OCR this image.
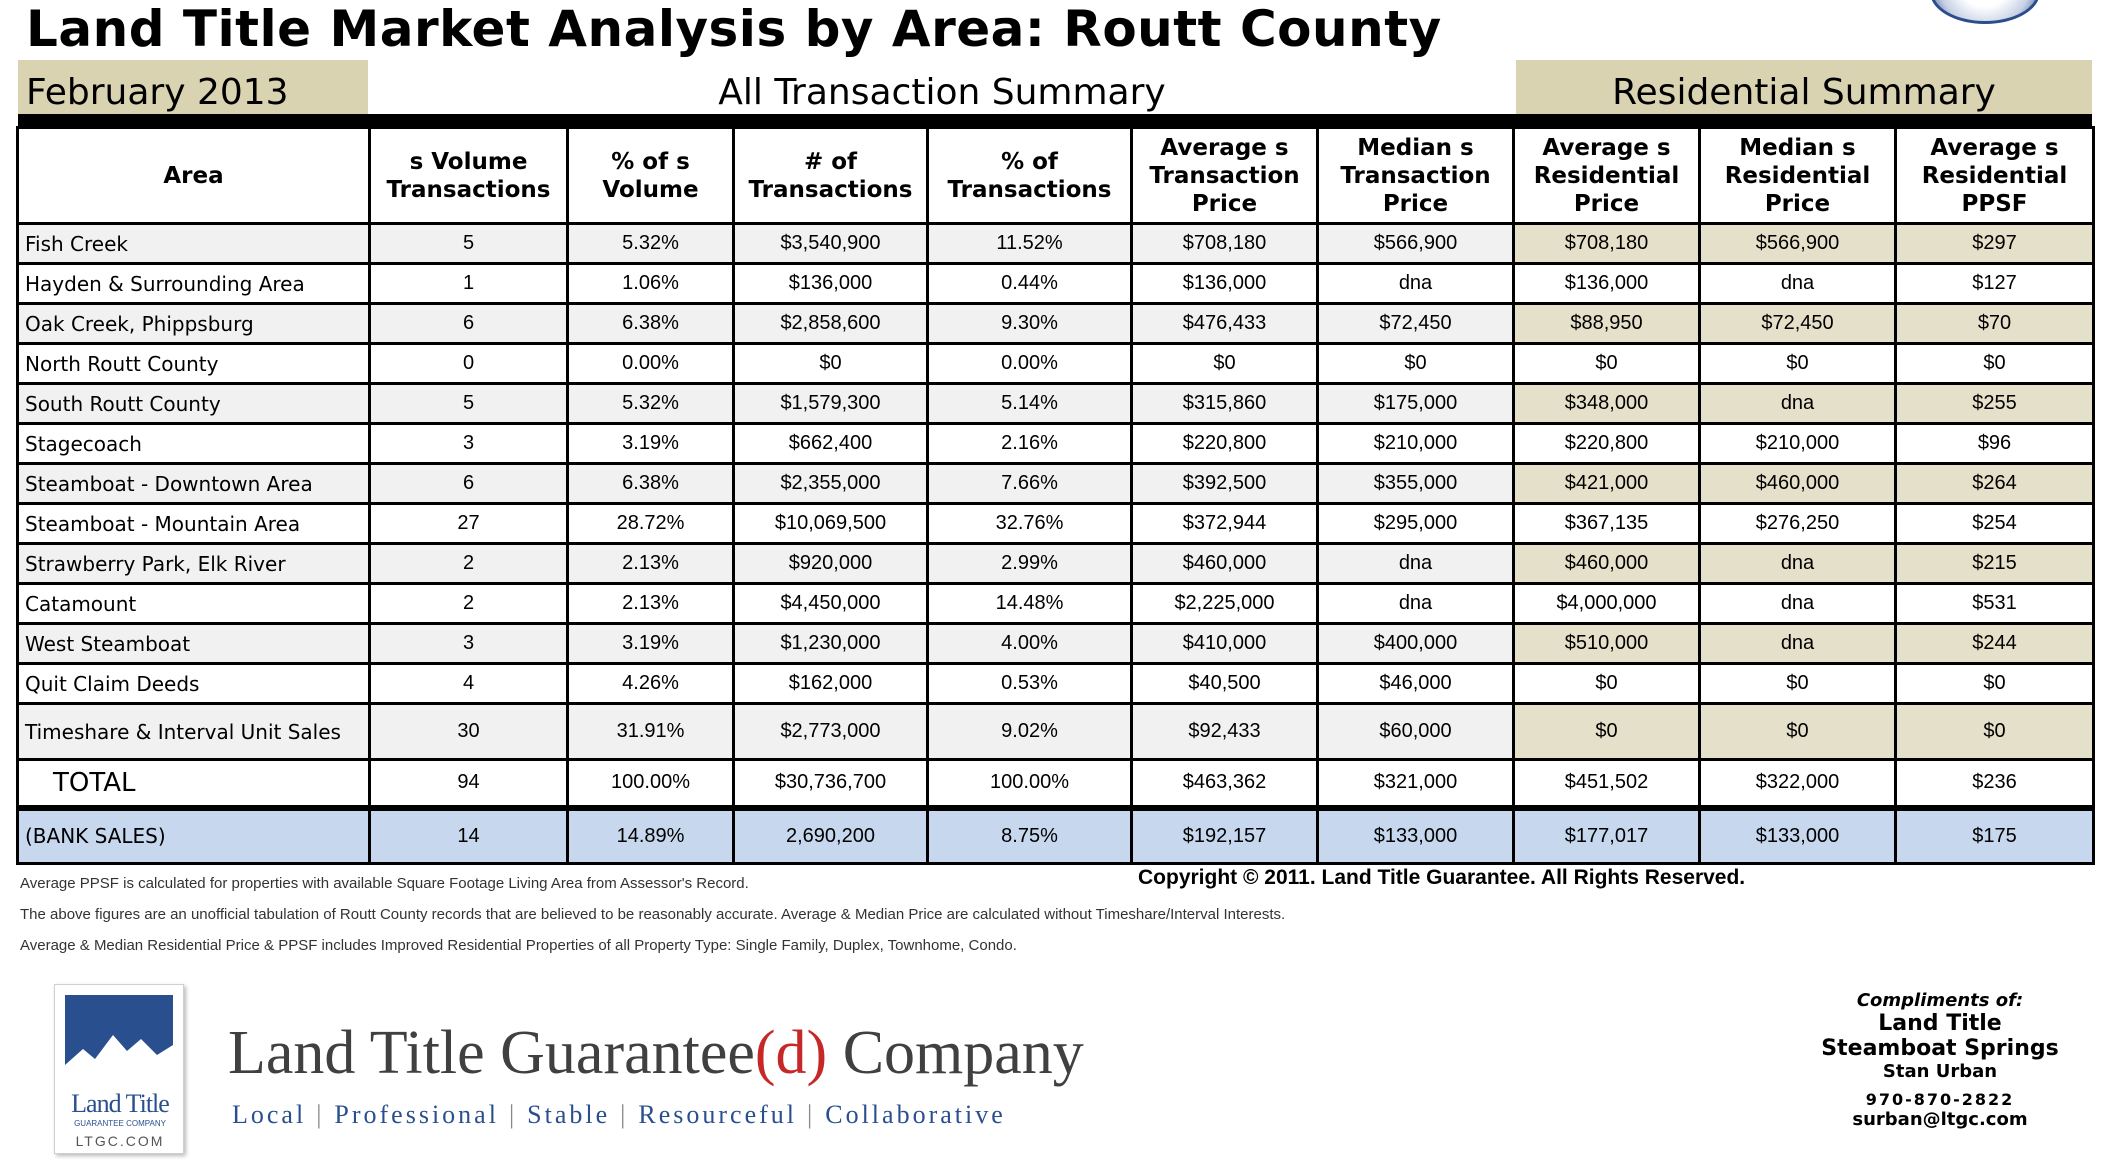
Land Title Market Analysis by Area: Routt County
February 2013	All Transaction Summary	Residential Summary
Area	s Volume Transactions	% of s Volume	# of Transactions	% of Transactions	Average s Transaction Price	Median s Transaction Price	Average s Residential Price	Median s Residential Price	Average s Residential PPSF
Fish Creek	5	5.32%	$3,540,900	11.52%	$708,180	$566,900	$708,180	$566,900	$297
Hayden & Surrounding Area	1	1.06%	$136,000	0.44%	$136,000	dna	$136,000	dna	$127
Oak Creek, Phippsburg	6	6.38%	$2,858,600	9.30%	$476,433	$72,450	$88,950	$72,450	$70
North Routt County	0	0.00%	$0	0.00%	$0	$0	$0	$0	$0
South Routt County	5	5.32%	$1,579,300	5.14%	$315,860	$175,000	$348,000	dna	$255
Stagecoach	3	3.19%	$662,400	2.16%	$220,800	$210,000	$220,800	$210,000	$96
Steamboat - Downtown Area	6	6.38%	$2,355,000	7.66%	$392,500	$355,000	$421,000	$460,000	$264
Steamboat - Mountain Area	27	28.72%	$10,069,500	32.76%	$372,944	$295,000	$367,135	$276,250	$254
Strawberry Park, Elk River	2	2.13%	$920,000	2.99%	$460,000	dna	$460,000	dna	$215
Catamount	2	2.13%	$4,450,000	14.48%	$2,225,000	dna	$4,000,000	dna	$531
West Steamboat	3	3.19%	$1,230,000	4.00%	$410,000	$400,000	$510,000	dna	$244
Quit Claim Deeds	4	4.26%	$162,000	0.53%	$40,500	$46,000	$0	$0	$0
Timeshare & Interval Unit Sales	30	31.91%	$2,773,000	9.02%	$92,433	$60,000	$0	$0	$0
TOTAL	94	100.00%	$30,736,700	100.00%	$463,362	$321,000	$451,502	$322,000	$236
(BANK SALES)	14	14.89%	2,690,200	8.75%	$192,157	$133,000	$177,017	$133,000	$175
Average PPSF is calculated for properties with available Square Footage Living Area from Assessor's Record.
The above figures are an unofficial tabulation of Routt County records that are believed to be reasonably accurate. Average & Median Price are calculated without Timeshare/Interval Interests.
Average & Median Residential Price & PPSF includes Improved Residential Properties of all Property Type: Single Family, Duplex, Townhome, Condo.
Copyright © 2011. Land Title Guarantee. All Rights Reserved.
Land Title
GUARANTEE COMPANY
LTGC.COM
Land Title Guarantee(d) Company
Local | Professional | Stable | Resourceful | Collaborative
Compliments of:
Land Title
Steamboat Springs
Stan Urban
970-870-2822
surban@ltgc.com
